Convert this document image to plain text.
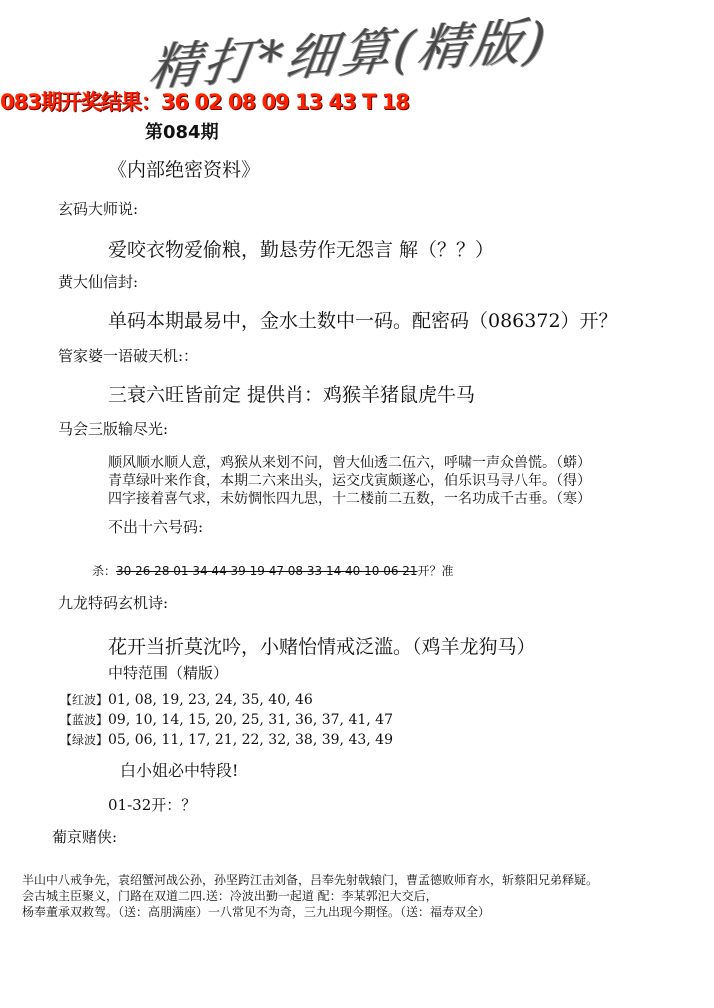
精打*细算(精版)
083期开奖结果：36 02 08 09 13 43 T 18
第084期
《内部绝密资料》
玄码大师说:
爱咬衣物爱偷粮，勤恳劳作无怨言 解（？？）
黄大仙信封:
单码本期最易中，金水土数中一码。配密码（086372）开？
管家婆一语破天机:：
三衰六旺皆前定 提供肖：鸡猴羊猪鼠虎牛马
马会三版输尽光:
顺风顺水顺人意，鸡猴从来划不问，曾大仙透二伍六，呼啸一声众兽慌。（蟒）
青草绿叶来作食，本期二六来出头，运交戊寅颇遂心，伯乐识马寻八年。（得）
四字接着喜气求，未妨惆怅四九思，十二楼前二五数，一名功成千古垂。（寒）
不出十六号码:
杀：30 26 28 01 34 44 39 19 47 08 33 14 40 10 06 21开？准
九龙特码玄机诗:
花开当折莫沈吟，小赌怡情戒泛滥。（鸡羊龙狗马）
中特范围（精版）
【红波】01, 08, 19, 23, 24, 35, 40, 46
【蓝波】09, 10, 14, 15, 20, 25, 31, 36, 37, 41, 47
【绿波】05, 06, 11, 17, 21, 22, 32, 38, 39, 43, 49
白小姐必中特段!
01-32开：？
葡京赌侠:
半山中八戒争先，袁绍蟹河战公孙，孙坚跨江击刘备，吕奉先射戟辕门，曹孟德败师育水，斩蔡阳兄弟释疑。
会古城主臣聚义，门路在双道二四.送：冷波出勤一起道 配：李某郭汜大交后，
杨奉董承双救驾。（送：高朋满座）一八常见不为奇，三九出现今期怪。（送：福寿双全）
